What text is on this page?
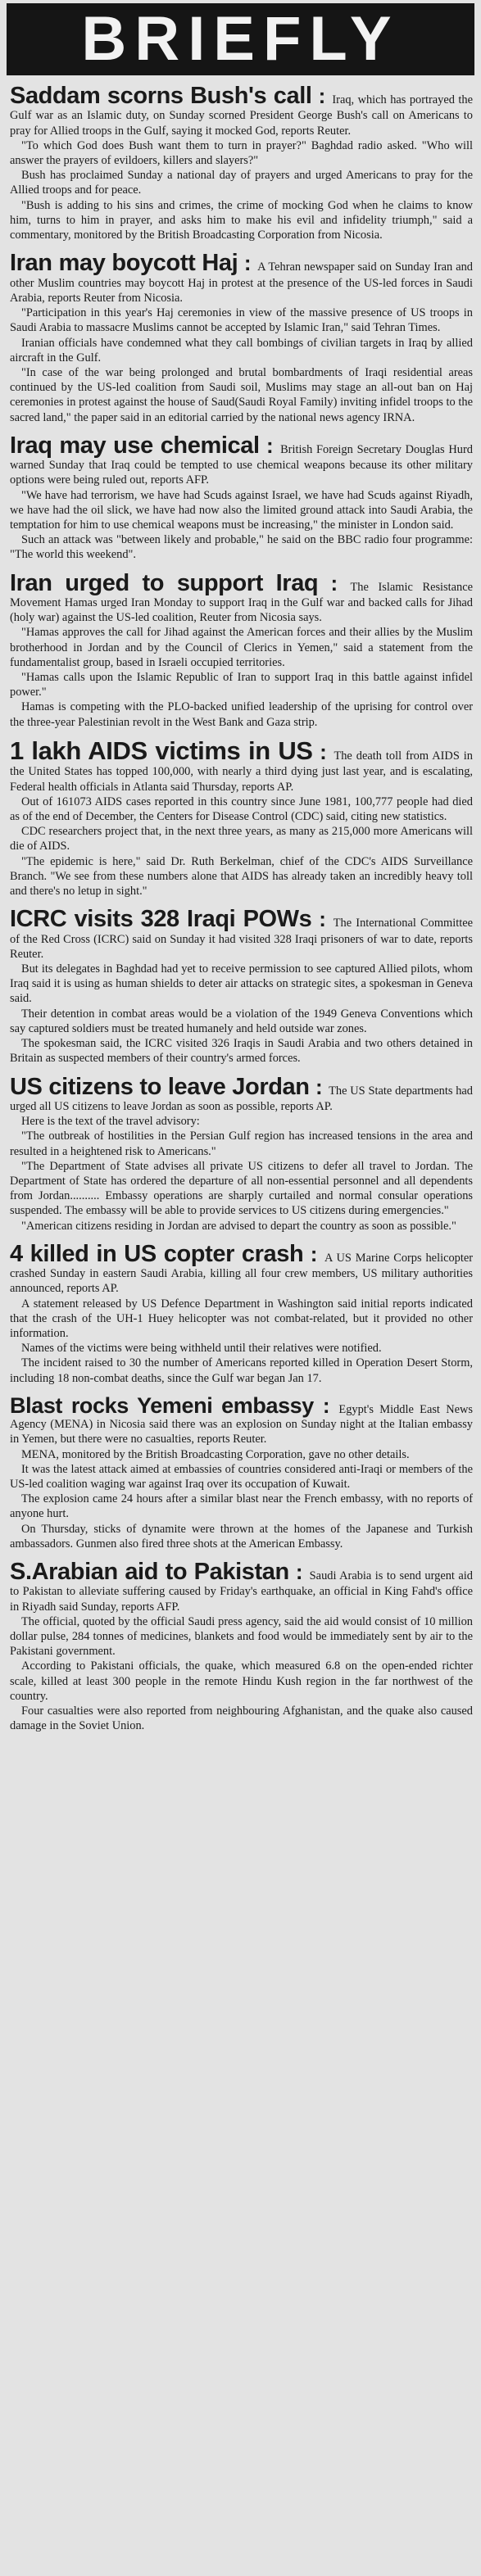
BRIEFLY

Saddam scorns Bush's call : Iraq, which has portrayed the Gulf war as an Islamic duty, on Sunday scorned President George Bush's call on Americans to pray for Allied troops in the Gulf, saying it mocked God, reports Reuter.

"To which God does Bush want them to turn in prayer?" Baghdad radio asked. "Who will answer the prayers of evildoers, killers and slayers?"

Bush has proclaimed Sunday a national day of prayers and urged Americans to pray for the Allied troops and for peace.

"Bush is adding to his sins and crimes, the crime of mocking God when he claims to know him, turns to him in prayer, and asks him to make his evil and infidelity triumph," said a commentary, monitored by the British Broadcasting Corporation from Nicosia.

Iran may boycott Haj : A Tehran newspaper said on Sunday Iran and other Muslim countries may boycott Haj in protest at the presence of the US-led forces in Saudi Arabia, reports Reuter from Nicosia.

"Participation in this year's Haj ceremonies in view of the massive presence of US troops in Saudi Arabia to massacre Muslims cannot be accepted by Islamic Iran," said Tehran Times.

Iranian officials have condemned what they call bombings of civilian targets in Iraq by allied aircraft in the Gulf.

"In case of the war being prolonged and brutal bombardments of Iraqi residential areas continued by the US-led coalition from Saudi soil, Muslims may stage an all-out ban on Haj ceremonies in protest against the house of Saud(Saudi Royal Family) inviting infidel troops to the sacred land," the paper said in an editorial carried by the national news agency IRNA.

Iraq may use chemical : British Foreign Secretary Douglas Hurd warned Sunday that Iraq could be tempted to use chemical weapons because its other military options were being ruled out, reports AFP.

"We have had terrorism, we have had Scuds against Israel, we have had Scuds against Riyadh, we have had the oil slick, we have had now also the limited ground attack into Saudi Arabia, the temptation for him to use chemical weapons must be increasing," the minister in London said.

Such an attack was "between likely and probable," he said on the BBC radio four programme: "The world this weekend".

Iran urged to support Iraq : The Islamic Resistance Movement Hamas urged Iran Monday to support Iraq in the Gulf war and backed calls for Jihad (holy war) against the US-led coalition, Reuter from Nicosia says.

"Hamas approves the call for Jihad against the American forces and their allies by the Muslim brotherhood in Jordan and by the Council of Clerics in Yemen," said a statement from the fundamentalist group, based in Israeli occupied territories.

"Hamas calls upon the Islamic Republic of Iran to support Iraq in this battle against infidel power."

Hamas is competing with the PLO-backed unified leadership of the uprising for control over the three-year Palestinian revolt in the West Bank and Gaza strip.

1 lakh AIDS victims in US : The death toll from AIDS in the United States has topped 100,000, with nearly a third dying just last year, and is escalating, Federal health officials in Atlanta said Thursday, reports AP.

Out of 161073 AIDS cases reported in this country since June 1981, 100,777 people had died as of the end of December, the Centers for Disease Control (CDC) said, citing new statistics.

CDC researchers project that, in the next three years, as many as 215,000 more Americans will die of AIDS.

"The epidemic is here," said Dr. Ruth Berkelman, chief of the CDC's AIDS Surveillance Branch. "We see from these numbers alone that AIDS has already taken an incredibly heavy toll and there's no letup in sight."

ICRC visits 328 Iraqi POWs : The International Committee of the Red Cross (ICRC) said on Sunday it had visited 328 Iraqi prisoners of war to date, reports Reuter.

But its delegates in Baghdad had yet to receive permission to see captured Allied pilots, whom Iraq said it is using as human shields to deter air attacks on strategic sites, a spokesman in Geneva said.

Their detention in combat areas would be a violation of the 1949 Geneva Conventions which say captured soldiers must be treated humanely and held outside war zones.

The spokesman said, the ICRC visited 326 Iraqis in Saudi Arabia and two others detained in Britain as suspected members of their country's armed forces.

US citizens to leave Jordan : The US State departments had urged all US citizens to leave Jordan as soon as possible, reports AP.

Here is the text of the travel advisory:

"The outbreak of hostilities in the Persian Gulf region has increased tensions in the area and resulted in a heightened risk to Americans."

"The Department of State advises all private US citizens to defer all travel to Jordan. The Department of State has ordered the departure of all non-essential personnel and all dependents from Jordan.......... Embassy operations are sharply curtailed and normal consular operations suspended. The embassy will be able to provide services to US citizens during emergencies."

"American citizens residing in Jordan are advised to depart the country as soon as possible."

4 killed in US copter crash : A US Marine Corps helicopter crashed Sunday in eastern Saudi Arabia, killing all four crew members, US military authorities announced, reports AP.

A statement released by US Defence Department in Washington said initial reports indicated that the crash of the UH-1 Huey helicopter was not combat-related, but it provided no other information.

Names of the victims were being withheld until their relatives were notified.

The incident raised to 30 the number of Americans reported killed in Operation Desert Storm, including 18 non-combat deaths, since the Gulf war began Jan 17.

Blast rocks Yemeni embassy : Egypt's Middle East News Agency (MENA) in Nicosia said there was an explosion on Sunday night at the Italian embassy in Yemen, but there were no casualties, reports Reuter.

MENA, monitored by the British Broadcasting Corporation, gave no other details.

It was the latest attack aimed at embassies of countries considered anti-Iraqi or members of the US-led coalition waging war against Iraq over its occupation of Kuwait.

The explosion came 24 hours after a similar blast near the French embassy, with no reports of anyone hurt.

On Thursday, sticks of dynamite were thrown at the homes of the Japanese and Turkish ambassadors. Gunmen also fired three shots at the American Embassy.

S.Arabian aid to Pakistan : Saudi Arabia is to send urgent aid to Pakistan to alleviate suffering caused by Friday's earthquake, an official in King Fahd's office in Riyadh said Sunday, reports AFP.

The official, quoted by the official Saudi press agency, said the aid would consist of 10 million dollar pulse, 284 tonnes of medicines, blankets and food would be immediately sent by air to the Pakistani government.

According to Pakistani officials, the quake, which measured 6.8 on the open-ended richter scale, killed at least 300 people in the remote Hindu Kush region in the far northwest of the country.

Four casualties were also reported from neighbouring Afghanistan, and the quake also caused damage in the Soviet Union.
